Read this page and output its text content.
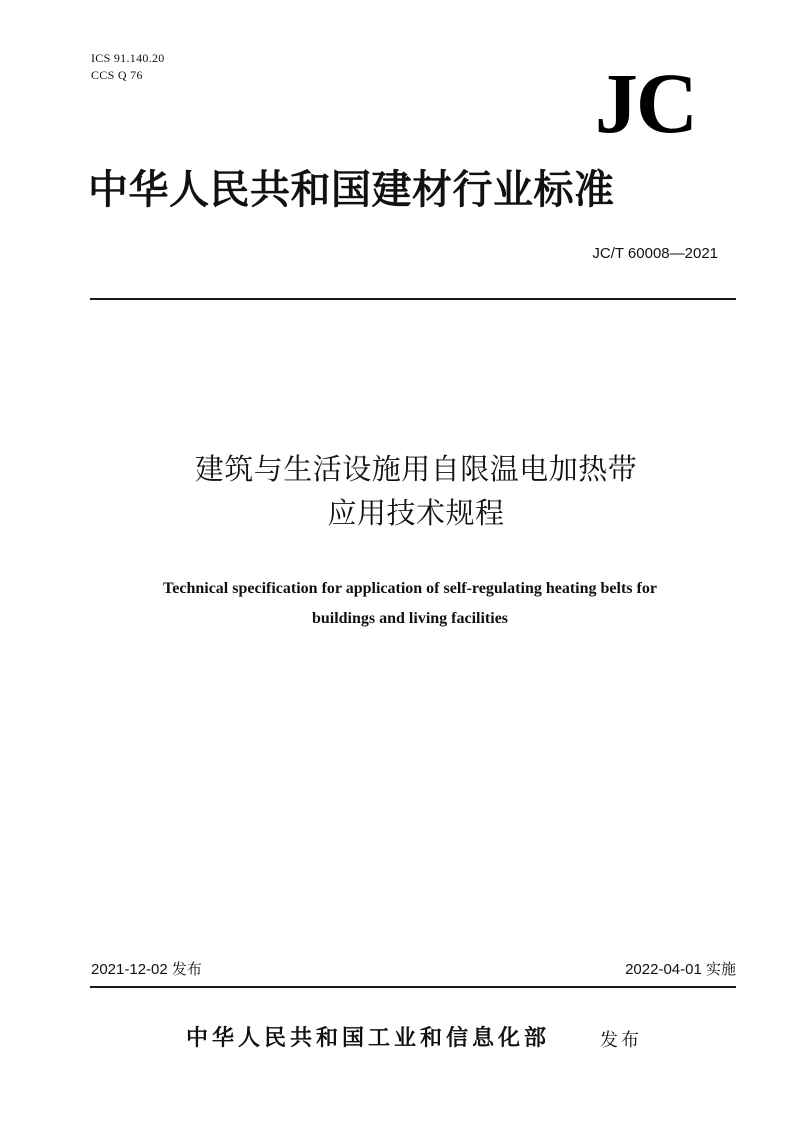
ICS 91.140.20
CCS Q 76	JC
中华人民共和国建材行业标准
JC/T 60008—2021
建筑与生活设施用自限温电加热带
应用技术规程
Technical specification for application of self-regulating heating belts for
buildings and living facilities
2021-12-02 发布	2022-04-01 实施
中华人民共和国工业和信息化部	发布
